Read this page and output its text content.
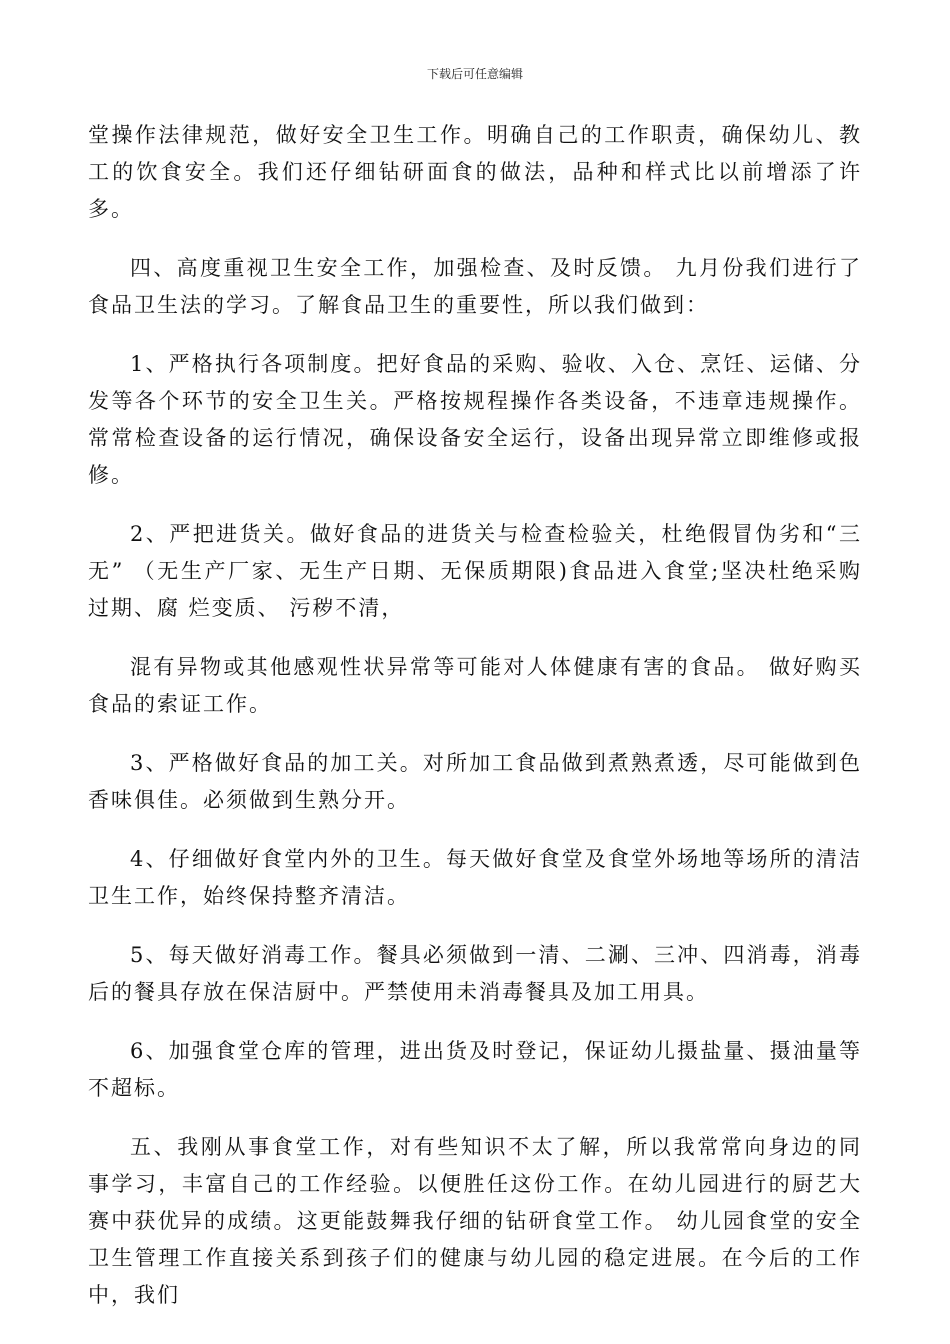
下载后可任意编辑

堂操作法律规范，做好安全卫生工作。明确自己的工作职责，确保幼儿、教工的饮食安全。我们还仔细钻研面食的做法，品种和样式比以前增添了许多。

四、高度重视卫生安全工作，加强检查、及时反馈。 九月份我们进行了食品卫生法的学习。了解食品卫生的重要性，所以我们做到：

1、严格执行各项制度。把好食品的采购、验收、入仓、烹饪、运储、分发等各个环节的安全卫生关。严格按规程操作各类设备，不违章违规操作。常常检查设备的运行情况，确保设备安全运行，设备出现异常立即维修或报修。

2、严把进货关。做好食品的进货关与检查检验关，杜绝假冒伪劣和“三无” （无生产厂家、无生产日期、无保质期限)食品进入食堂;坚决杜绝采购过期、腐 烂变质、 污秽不清，

混有异物或其他感观性状异常等可能对人体健康有害的食品。 做好购买食品的索证工作。

3、严格做好食品的加工关。对所加工食品做到煮熟煮透，尽可能做到色香味俱佳。必须做到生熟分开。

4、仔细做好食堂内外的卫生。每天做好食堂及食堂外场地等场所的清洁卫生工作，始终保持整齐清洁。

5、每天做好消毒工作。餐具必须做到一清、二涮、三冲、四消毒，消毒后的餐具存放在保洁厨中。严禁使用未消毒餐具及加工用具。

6、加强食堂仓库的管理，进出货及时登记，保证幼儿摄盐量、摄油量等不超标。

五、我刚从事食堂工作，对有些知识不太了解，所以我常常向身边的同事学习，丰富自己的工作经验。以便胜任这份工作。在幼儿园进行的厨艺大赛中获优异的成绩。这更能鼓舞我仔细的钻研食堂工作。 幼儿园食堂的安全卫生管理工作直接关系到孩子们的健康与幼儿园的稳定进展。在今后的工作中，我们
